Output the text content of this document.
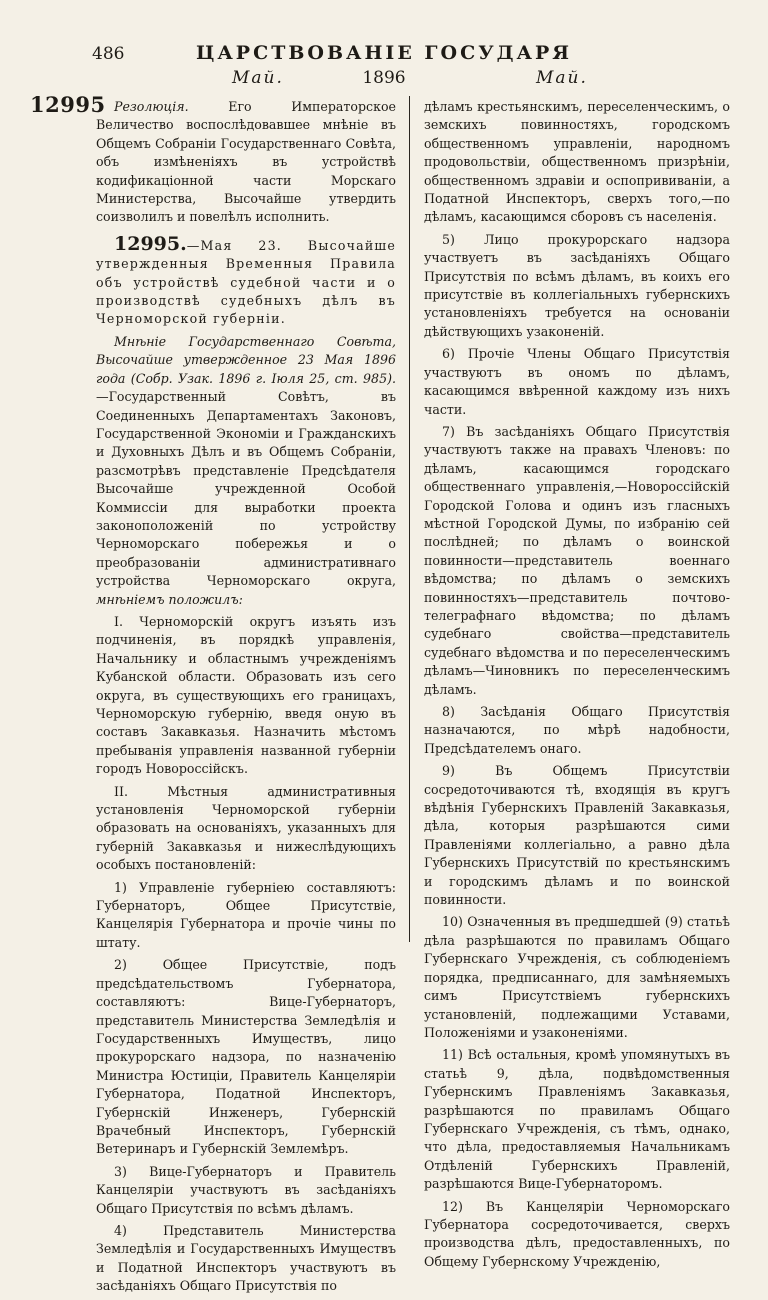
486	ЦАРСТВОВАНІЕ ГОСУДАРЯ
Май.	1896	Май.
12995 Резолюція. Его Императорское Величество воспослѣдовавшее мнѣніе въ Общемъ Собраніи Государственнаго Совѣта, объ измѣненіяхъ въ устройствѣ кодификаціонной части Морскаго Министерства, Высочайше утвердить соизволилъ и повелѣлъ исполнить.

12995.—Мая 23. Высочайше утвержденныя Временныя Правила объ устройствѣ судебной части и о производствѣ судебныхъ дѣлъ въ Черноморской губерніи.

Мнѣніе Государственнаго Совѣта, Высочайше утвержденное 23 Мая 1896 года (Собр. Узак. 1896 г. Іюля 25, ст. 985).—Государственный Совѣтъ, въ Соединенныхъ Департаментахъ Законовъ, Государственной Экономіи и Гражданскихъ и Духовныхъ Дѣлъ и въ Общемъ Собраніи, разсмотрѣвъ представленіе Предсѣдателя Высочайше учрежденной Особой Коммиссіи для выработки проекта законоположеній по устройству Черноморскаго побережья и о преобразованіи административнаго устройства Черноморскаго округа, мнѣніемъ положилъ:

I. Черноморскій округъ изъять изъ подчиненія, въ порядкѣ управленія, Начальнику и областнымъ учрежденіямъ Кубанской области. Образовать изъ сего округа, въ существующихъ его границахъ, Черноморскую губернію, введя оную въ составъ Закавказья. Назначить мѣстомъ пребыванія управленія названной губерніи городъ Новороссійскъ.

II. Мѣстныя административныя установленія Черноморской губерніи образовать на основаніяхъ, указанныхъ для губерній Закавказья и нижеслѣдующихъ особыхъ постановленій:

1) Управленіе губерніею составляютъ: Губернаторъ, Общее Присутствіе, Канцелярія Губернатора и прочіе чины по штату.

2) Общее Присутствіе, подъ предсѣдательствомъ Губернатора, составляютъ: Вице-Губернаторъ, представитель Министерства Земледѣлія и Государственныхъ Имуществъ, лицо прокурорскаго надзора, по назначенію Министра Юстиціи, Правитель Канцеляріи Губернатора, Податной Инспекторъ, Губернскій Инженеръ, Губернскій Врачебный Инспекторъ, Губернскій Ветеринаръ и Губернскій Землемѣръ.

3) Вице-Губернаторъ и Правитель Канцеляріи участвуютъ въ засѣданіяхъ Общаго Присутствія по всѣмъ дѣламъ.

4) Представитель Министерства Земледѣлія и Государственныхъ Имуществъ и Податной Инспекторъ участвуютъ въ засѣданіяхъ Общаго Присутствія по

дѣламъ крестьянскимъ, переселенческимъ, о земскихъ повинностяхъ, городскомъ общественномъ управленіи, народномъ продовольствіи, общественномъ призрѣніи, общественномъ здравіи и оспопрививаніи, а Податной Инспекторъ, сверхъ того,—по дѣламъ, касающимся сборовъ съ населенія.

5) Лицо прокурорскаго надзора участвуетъ въ засѣданіяхъ Общаго Присутствія по всѣмъ дѣламъ, въ коихъ его присутствіе въ коллегіальныхъ губернскихъ установленіяхъ требуется на основаніи дѣйствующихъ узаконеній.

6) Прочіе Члены Общаго Присутствія участвуютъ въ ономъ по дѣламъ, касающимся ввѣренной каждому изъ нихъ части.

7) Въ засѣданіяхъ Общаго Присутствія участвуютъ также на правахъ Членовъ: по дѣламъ, касающимся городскаго общественнаго управленія,—Новороссійскій Городской Голова и одинъ изъ гласныхъ мѣстной Городской Думы, по избранію сей послѣдней; по дѣламъ о воинской повинности—представитель военнаго вѣдомства; по дѣламъ о земскихъ повинностяхъ—представитель почтово-телеграфнаго вѣдомства; по дѣламъ судебнаго свойства—представитель судебнаго вѣдомства и по переселенческимъ дѣламъ—Чиновникъ по переселенческимъ дѣламъ.

8) Засѣданія Общаго Присутствія назначаются, по мѣрѣ надобности, Предсѣдателемъ онаго.

9) Въ Общемъ Присутствіи сосредоточиваются тѣ, входящія въ кругъ вѣдѣнія Губернскихъ Правленій Закавказья, дѣла, которыя разрѣшаются сими Правленіями коллегіально, а равно дѣла Губернскихъ Присутствій по крестьянскимъ и городскимъ дѣламъ и по воинской повинности.

10) Означенныя въ предшедшей (9) статьѣ дѣла разрѣшаются по правиламъ Общаго Губернскаго Учрежденія, съ соблюденіемъ порядка, предписаннаго, для замѣняемыхъ симъ Присутствіемъ губернскихъ установленій, подлежащими Уставами, Положеніями и узаконеніями.

11) Всѣ остальныя, кромѣ упомянутыхъ въ статьѣ 9, дѣла, подвѣдомственныя Губернскимъ Правленіямъ Закавказья, разрѣшаются по правиламъ Общаго Губернскаго Учрежденія, съ тѣмъ, однако, что дѣла, предоставляемыя Начальникамъ Отдѣленій Губернскихъ Правленій, разрѣшаются Вице-Губернаторомъ.

12) Въ Канцеляріи Черноморскаго Губернатора сосредоточивается, сверхъ производства дѣлъ, предоставленныхъ, по Общему Губернскому Учрежденію,
